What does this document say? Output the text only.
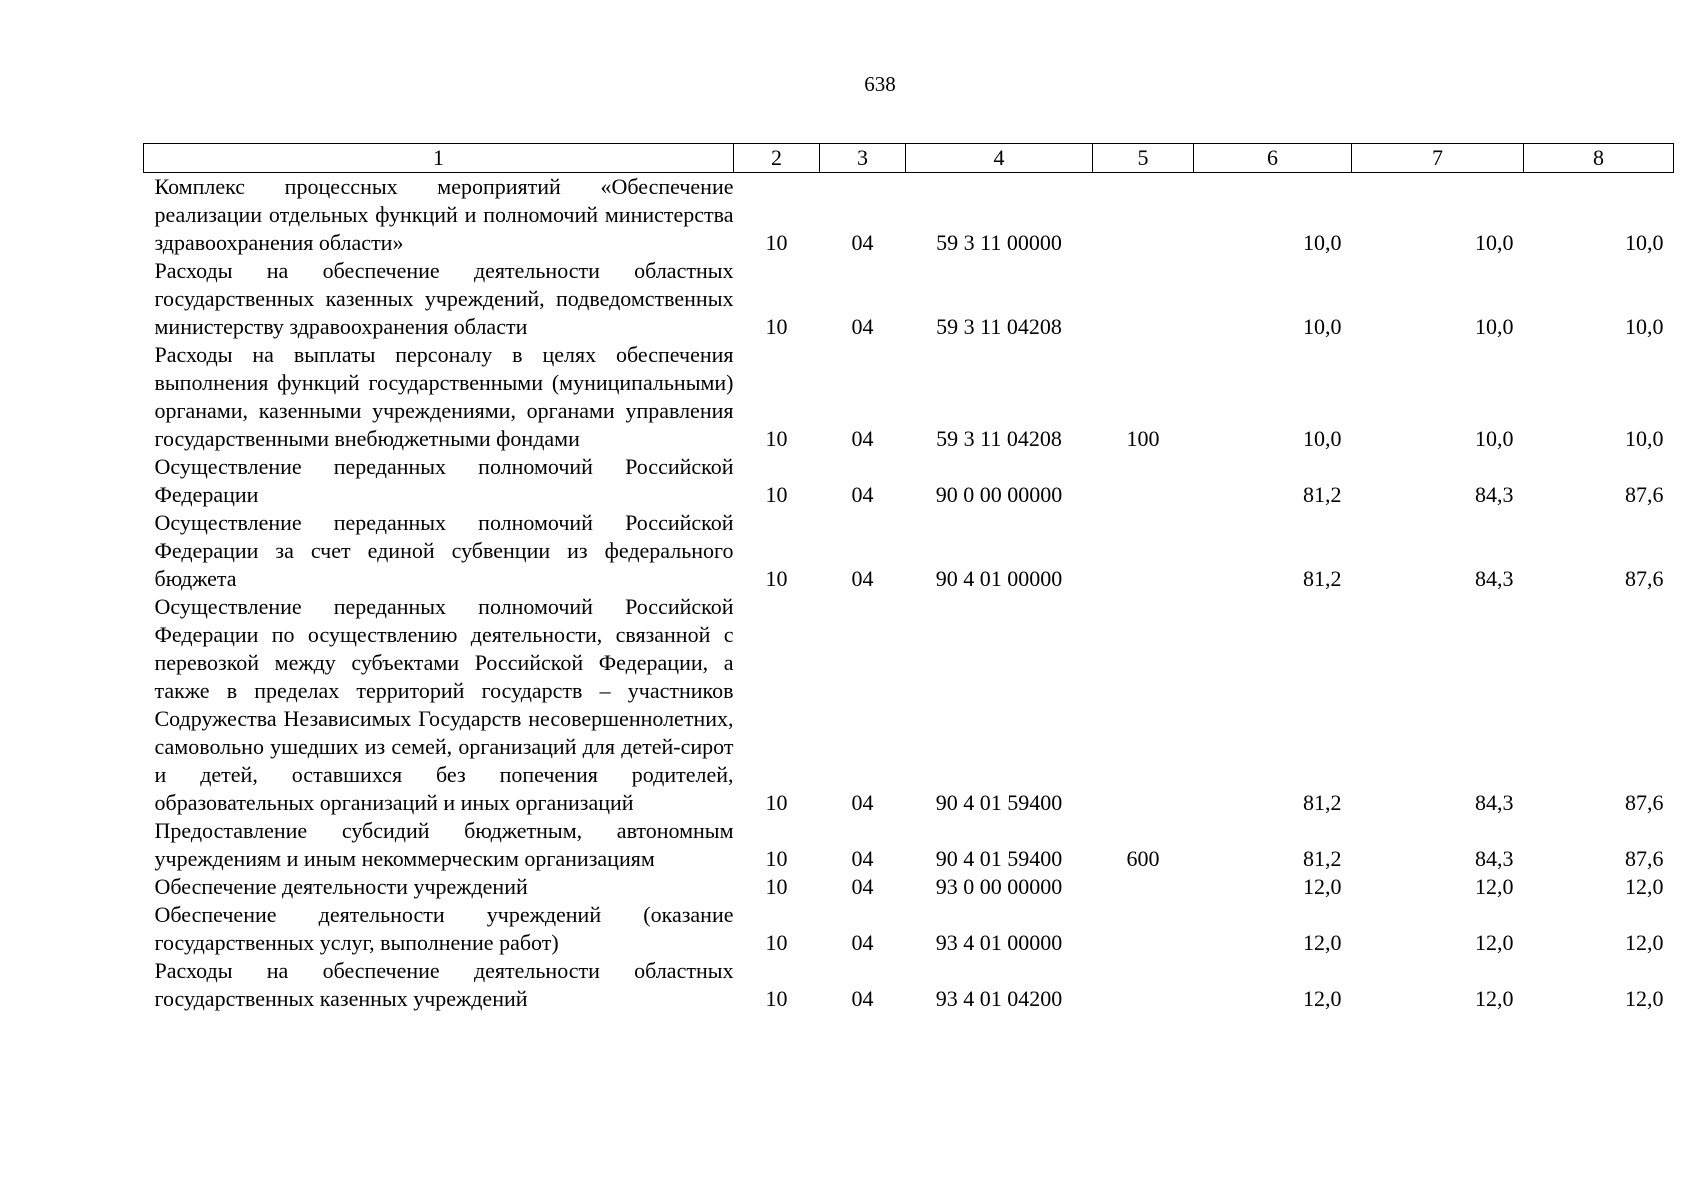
638
1	2	3	4	5	6	7	8
Комплекс процессных мероприятий «Обеспечение реализации отдельных функций и полномочий министерства здравоохранения области»	10	04	59 3 11 00000		10,0	10,0	10,0
Расходы на обеспечение деятельности областных государственных казенных учреждений, подведомственных министерству здравоохранения области	10	04	59 3 11 04208		10,0	10,0	10,0
Расходы на выплаты персоналу в целях обеспечения выполнения функций государственными (муниципальными) органами, казенными учреждениями, органами управления государственными внебюджетными фондами	10	04	59 3 11 04208	100	10,0	10,0	10,0
Осуществление переданных полномочий Российской Федерации	10	04	90 0 00 00000		81,2	84,3	87,6
Осуществление переданных полномочий Российской Федерации за счет единой субвенции из федерального бюджета	10	04	90 4 01 00000		81,2	84,3	87,6
Осуществление переданных полномочий Российской Федерации по осуществлению деятельности, связанной с перевозкой между субъектами Российской Федерации, а также в пределах территорий государств – участников Содружества Независимых Государств несовершеннолетних, самовольно ушедших из семей, организаций для детей-сирот и детей, оставшихся без попечения родителей, образовательных организаций и иных организаций	10	04	90 4 01 59400		81,2	84,3	87,6
Предоставление субсидий бюджетным, автономным учреждениям и иным некоммерческим организациям	10	04	90 4 01 59400	600	81,2	84,3	87,6
Обеспечение деятельности учреждений	10	04	93 0 00 00000		12,0	12,0	12,0
Обеспечение деятельности учреждений (оказание государственных услуг, выполнение работ)	10	04	93 4 01 00000		12,0	12,0	12,0
Расходы на обеспечение деятельности областных государственных казенных учреждений	10	04	93 4 01 04200		12,0	12,0	12,0
